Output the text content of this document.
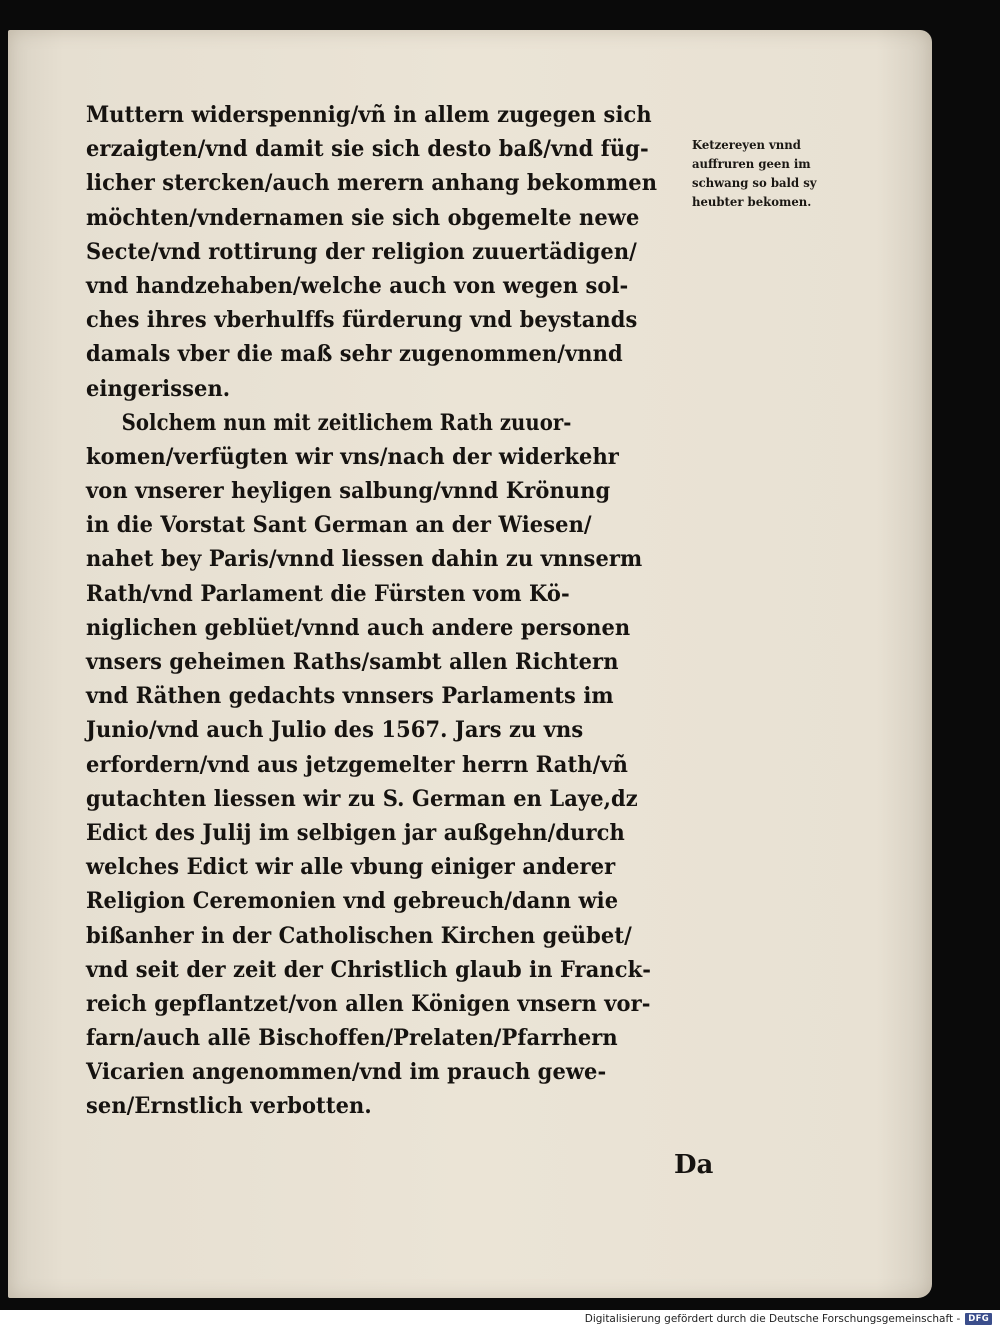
Muttern widerspennig/vñ in allem zugegen sich
erzaigten/vnd damit sie sich desto baß/vnd füg‑
licher stercken/auch merern anhang bekommen
möchten/vndernamen sie sich obgemelte newe
Secte/vnd rottirung der religion zuuertädigen/
vnd handzehaben/welche auch von wegen sol‑
ches ihres vberhulffs fürderung vnd beystands
damals vber die maß sehr zugenommen/vnnd
eingerissen.
Solchem nun mit zeitlichem Rath zuuor‑
komen/verfügten wir vns/nach der widerkehr
von vnserer heyligen salbung/vnnd Krönung
in die Vorstat Sant German an der Wiesen/
nahet bey Paris/vnnd liessen dahin zu vnnserm
Rath/vnd Parlament die Fürsten vom Kö‑
niglichen geblüet/vnnd auch andere personen
vnsers geheimen Raths/sambt allen Richtern
vnd Räthen gedachts vnnsers Parlaments im
Junio/vnd auch Julio des 1567. Jars zu vns
erfordern/vnd aus jetzgemelter herrn Rath/vñ
gutachten liessen wir zu S. German en Laye,dz
Edict des Julij im selbigen jar außgehn/durch
welches Edict wir alle vbung einiger anderer
Religion Ceremonien vnd gebreuch/dann wie
bißanher in der Catholischen Kirchen geübet/
vnd seit der zeit der Christlich glaub in Franck‑
reich gepflantzet/von allen Königen vnsern vor‑
farn/auch allē Bischoffen/Prelaten/Pfarrhern
Vicarien angenommen/vnd im prauch gewe‑
sen/Ernstlich verbotten.
Ketzereyen vnnd
auffruren geen im
schwang so bald sy
heubter bekomen.
Da
Digitalisierung gefördert durch die Deutsche Forschungsgemeinschaft - DFG
